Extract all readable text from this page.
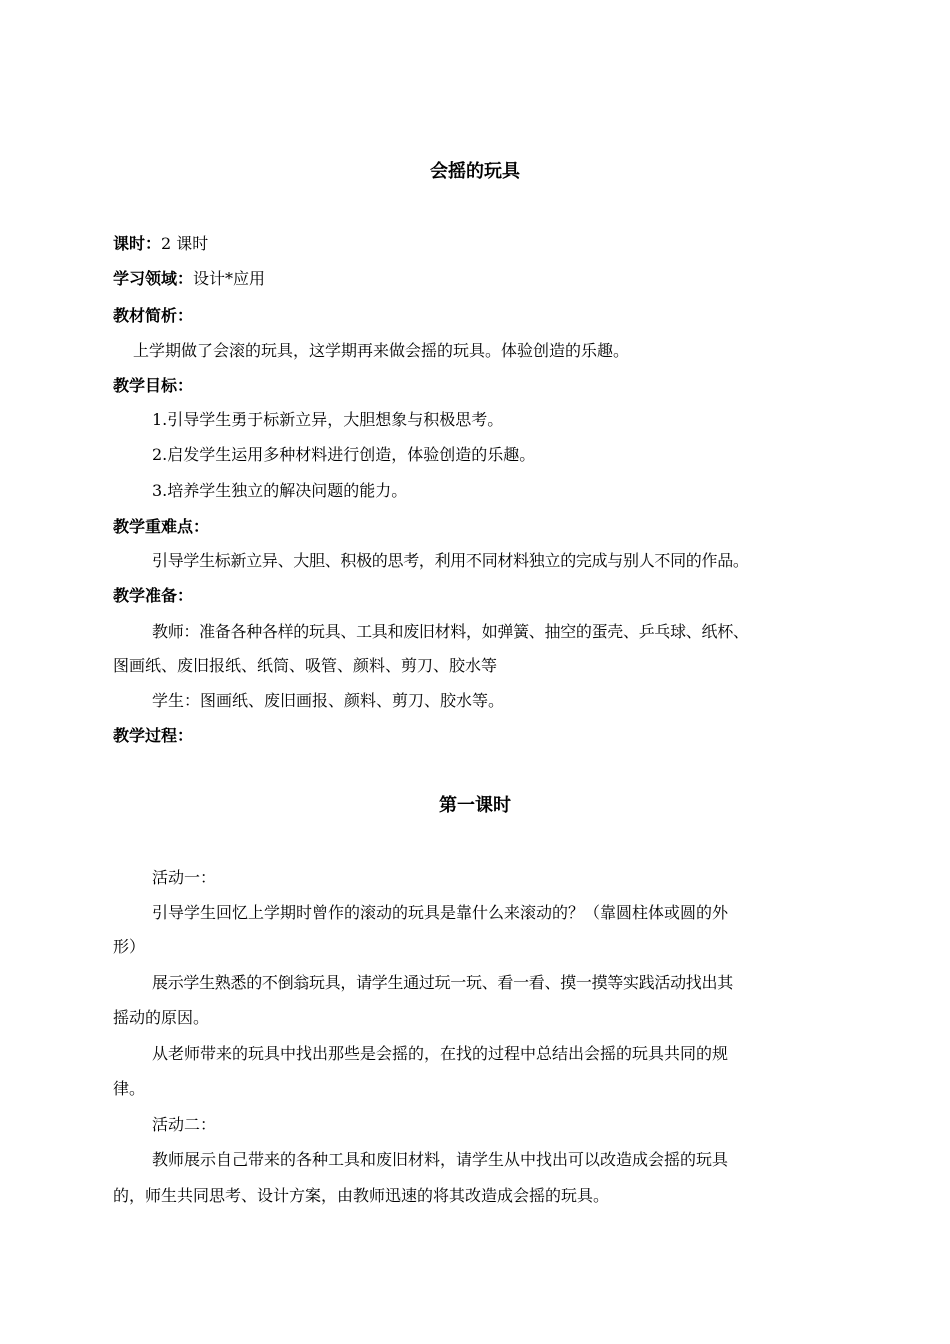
会摇的玩具
课时：2 课时
学习领域：设计*应用
教材简析：
上学期做了会滚的玩具，这学期再来做会摇的玩具。体验创造的乐趣。
教学目标：
1.引导学生勇于标新立异，大胆想象与积极思考。
2.启发学生运用多种材料进行创造，体验创造的乐趣。
3.培养学生独立的解决问题的能力。
教学重难点：
引导学生标新立异、大胆、积极的思考，利用不同材料独立的完成与别人不同的作品。
教学准备：
教师：准备各种各样的玩具、工具和废旧材料，如弹簧、抽空的蛋壳、乒乓球、纸杯、
图画纸、废旧报纸、纸筒、吸管、颜料、剪刀、胶水等
学生：图画纸、废旧画报、颜料、剪刀、胶水等。
教学过程：
第一课时
活动一：
引导学生回忆上学期时曾作的滚动的玩具是靠什么来滚动的？（靠圆柱体或圆的外
形）
展示学生熟悉的不倒翁玩具，请学生通过玩一玩、看一看、摸一摸等实践活动找出其
摇动的原因。
从老师带来的玩具中找出那些是会摇的，在找的过程中总结出会摇的玩具共同的规
律。
活动二：
教师展示自己带来的各种工具和废旧材料，请学生从中找出可以改造成会摇的玩具
的，师生共同思考、设计方案，由教师迅速的将其改造成会摇的玩具。
